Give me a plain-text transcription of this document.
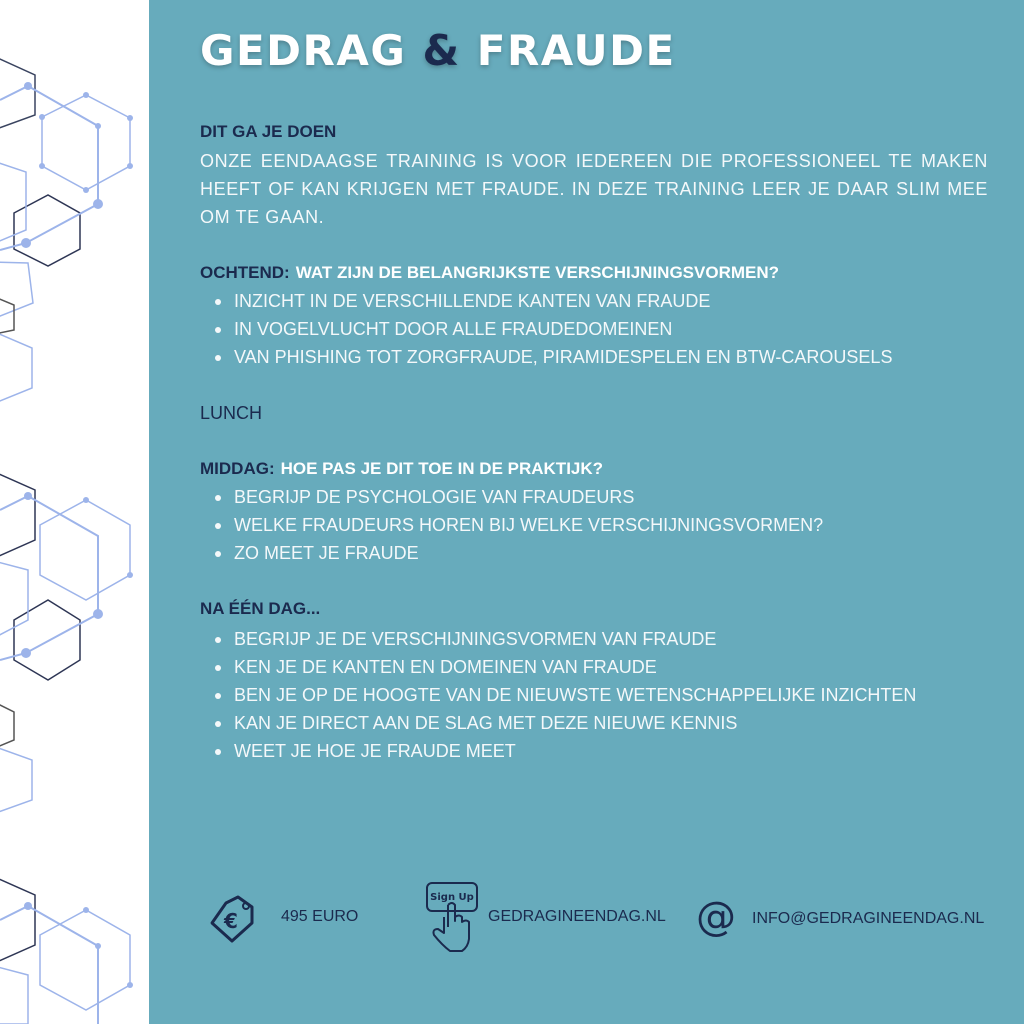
GEDRAG & FRAUDE
DIT GA JE DOEN
ONZE EENDAAGSE TRAINING IS VOOR IEDEREEN DIE PROFESSIONEEL TE MAKEN HEEFT OF KAN KRIJGEN MET FRAUDE. IN DEZE TRAINING LEER JE DAAR SLIM MEE OM TE GAAN.
OCHTEND: WAT ZIJN DE BELANGRIJKSTE VERSCHIJNINGSVORMEN?
INZICHT IN DE VERSCHILLENDE KANTEN VAN FRAUDE
IN VOGELVLUCHT DOOR ALLE FRAUDEDOMEINEN
VAN PHISHING TOT ZORGFRAUDE, PIRAMIDESPELEN EN BTW-CAROUSELS
LUNCH
MIDDAG: HOE PAS JE DIT TOE IN DE PRAKTIJK?
BEGRIJP DE PSYCHOLOGIE VAN FRAUDEURS
WELKE FRAUDEURS HOREN BIJ WELKE VERSCHIJNINGSVORMEN?
ZO MEET JE FRAUDE
NA ÉÉN DAG...
BEGRIJP JE DE VERSCHIJNINGSVORMEN VAN FRAUDE
KEN JE DE KANTEN EN DOMEINEN VAN FRAUDE
BEN JE OP DE HOOGTE VAN DE NIEUWSTE WETENSCHAPPELIJKE INZICHTEN
KAN JE DIRECT AAN DE SLAG MET DEZE NIEUWE KENNIS
WEET JE HOE JE FRAUDE MEET
€	495 EURO
Sign Up
GEDRAGINEENDAG.NL @ INFO@GEDRAGINEENDAG.NL
